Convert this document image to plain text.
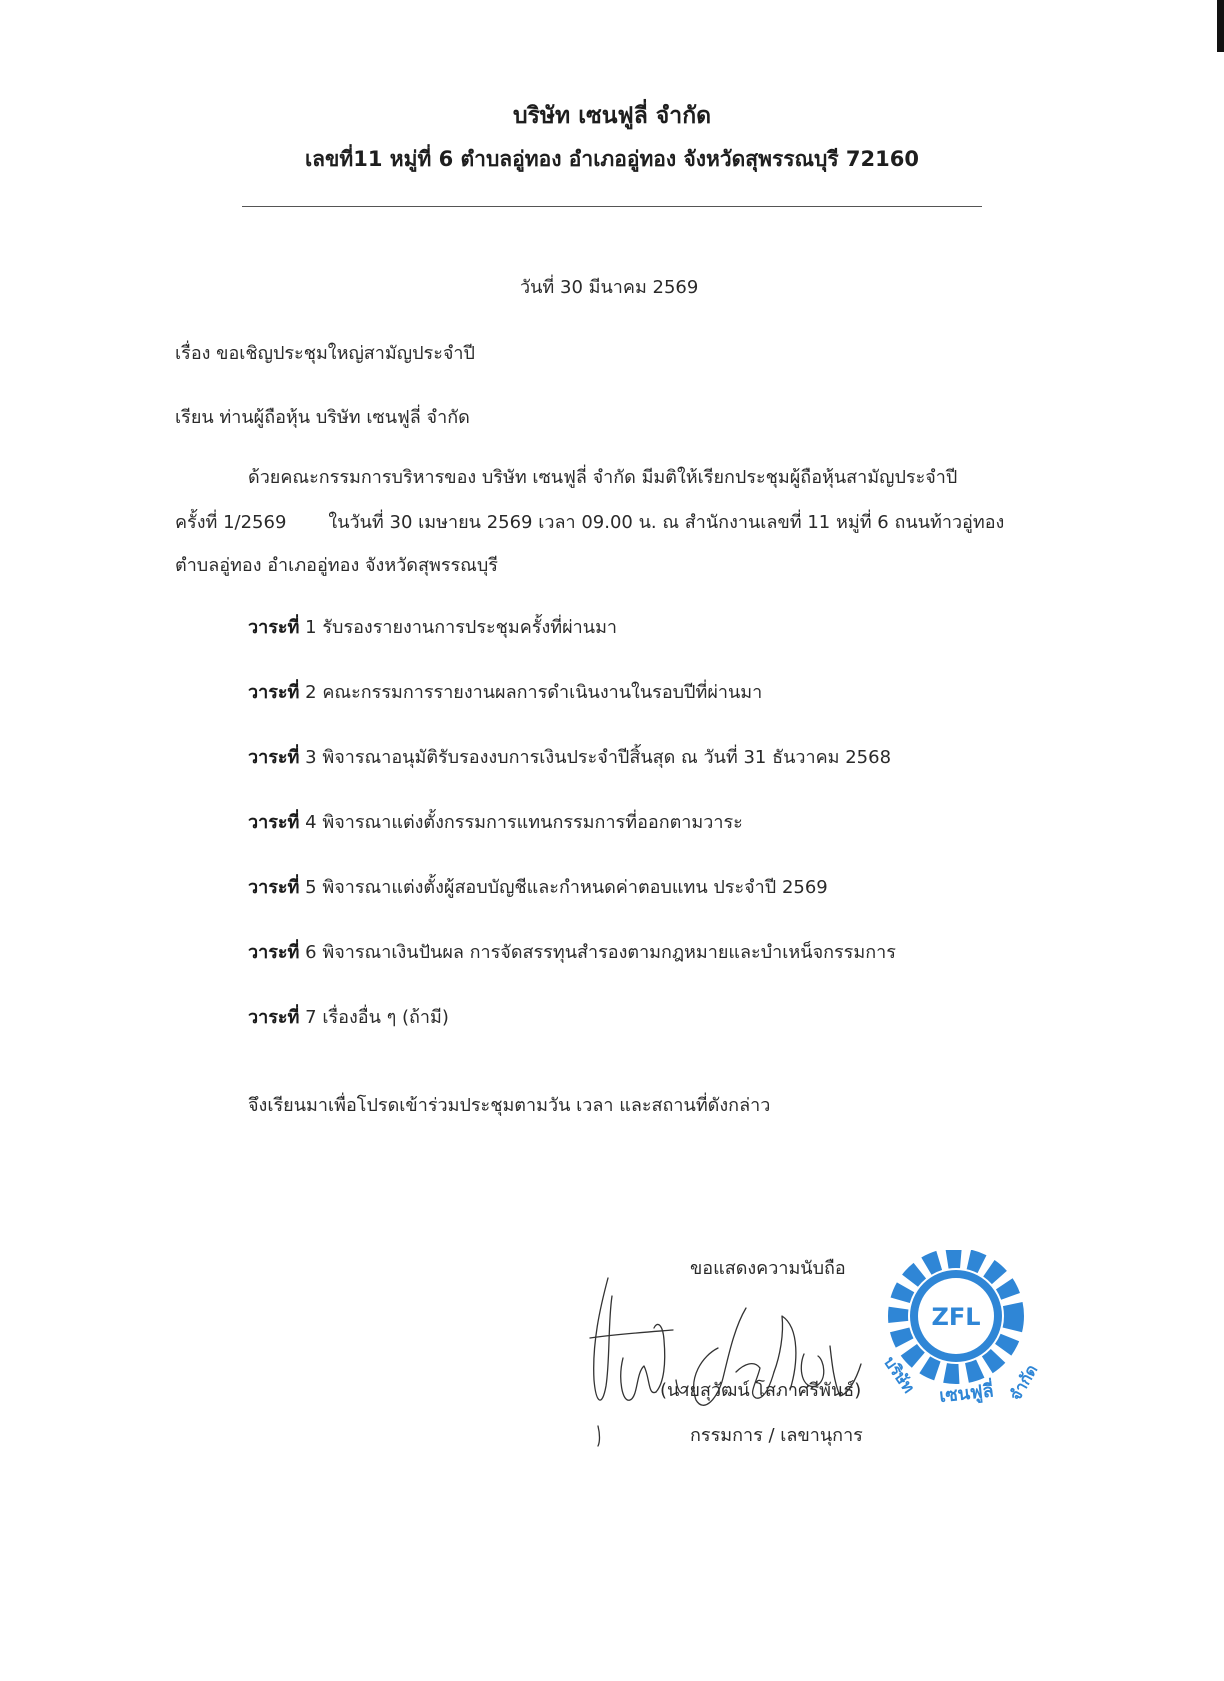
บริษัท เซนฟูลี่ จำกัด
เลขที่11 หมู่ที่ 6 ตำบลอู่ทอง อำเภออู่ทอง จังหวัดสุพรรณบุรี 72160
วันที่ 30 มีนาคม 2569
เรื่อง ขอเชิญประชุมใหญ่สามัญประจำปี
เรียน ท่านผู้ถือหุ้น บริษัท เซนฟูลี่ จำกัด
ด้วยคณะกรรมการบริหารของ บริษัท เซนฟูลี่ จำกัด มีมติให้เรียกประชุมผู้ถือหุ้นสามัญประจำปี
ครั้งที่ 1/2569 ในวันที่ 30 เมษายน 2569 เวลา 09.00 น. ณ สำนักงานเลขที่ 11 หมู่ที่ 6 ถนนท้าวอู่ทอง
ตำบลอู่ทอง อำเภออู่ทอง จังหวัดสุพรรณบุรี
วาระที่ 1 รับรองรายงานการประชุมครั้งที่ผ่านมา
วาระที่ 2 คณะกรรมการรายงานผลการดำเนินงานในรอบปีที่ผ่านมา
วาระที่ 3 พิจารณาอนุมัติรับรองงบการเงินประจำปีสิ้นสุด ณ วันที่ 31 ธันวาคม 2568
วาระที่ 4 พิจารณาแต่งตั้งกรรมการแทนกรรมการที่ออกตามวาระ
วาระที่ 5 พิจารณาแต่งตั้งผู้สอบบัญชีและกำหนดค่าตอบแทน ประจำปี 2569
วาระที่ 6 พิจารณาเงินปันผล การจัดสรรทุนสำรองตามกฎหมายและบำเหน็จกรรมการ
วาระที่ 7 เรื่องอื่น ๆ (ถ้ามี)
จึงเรียนมาเพื่อโปรดเข้าร่วมประชุมตามวัน เวลา และสถานที่ดังกล่าว
ขอแสดงความนับถือ
(นายสุวัฒน์ โสภาศรีพันธ์)
กรรมการ / เลขานุการ
ZFL
เซนฟูลี่
บริษัท	จำกัด
